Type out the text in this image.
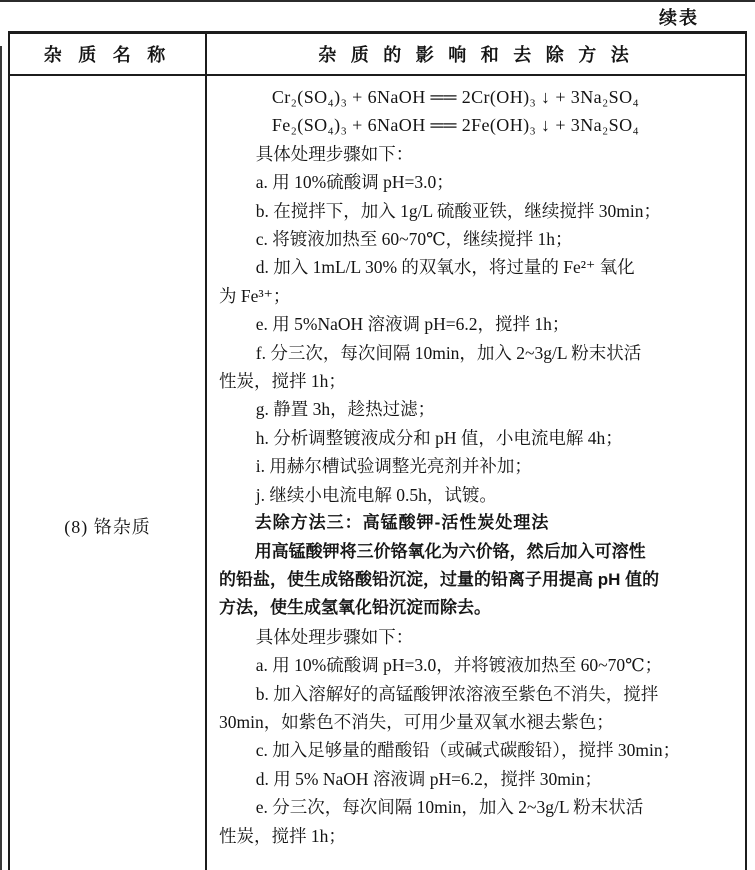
续表
杂 质 名 称	杂 质 的 影 响 和 去 除 方 法
(8) 铬杂质
Cr₂(SO₄)₃ + 6NaOH ══ 2Cr(OH)₃ ↓ + 3Na₂SO₄
Fe₂(SO₄)₃ + 6NaOH ══ 2Fe(OH)₃ ↓ + 3Na₂SO₄
具体处理步骤如下：
a. 用 10%硫酸调 pH=3.0；
b. 在搅拌下，加入 1g/L 硫酸亚铁，继续搅拌 30min；
c. 将镀液加热至 60~70℃，继续搅拌 1h；
d. 加入 1mL/L 30% 的双氧水，将过量的 Fe²⁺ 氧化
为 Fe³⁺；
e. 用 5%NaOH 溶液调 pH=6.2，搅拌 1h；
f. 分三次，每次间隔 10min，加入 2~3g/L 粉末状活
性炭，搅拌 1h；
g. 静置 3h，趁热过滤；
h. 分析调整镀液成分和 pH 值，小电流电解 4h；
i. 用赫尔槽试验调整光亮剂并补加；
j. 继续小电流电解 0.5h，试镀。
去除方法三：高锰酸钾-活性炭处理法
用高锰酸钾将三价铬氧化为六价铬，然后加入可溶性
的铅盐，使生成铬酸铅沉淀，过量的铅离子用提高 pH 值的
方法，使生成氢氧化铅沉淀而除去。
具体处理步骤如下：
a. 用 10%硫酸调 pH=3.0，并将镀液加热至 60~70℃；
b. 加入溶解好的高锰酸钾浓溶液至紫色不消失，搅拌
30min，如紫色不消失，可用少量双氧水褪去紫色；
c. 加入足够量的醋酸铅（或碱式碳酸铅），搅拌 30min；
d. 用 5% NaOH 溶液调 pH=6.2，搅拌 30min；
e. 分三次，每次间隔 10min，加入 2~3g/L 粉末状活
性炭，搅拌 1h；
